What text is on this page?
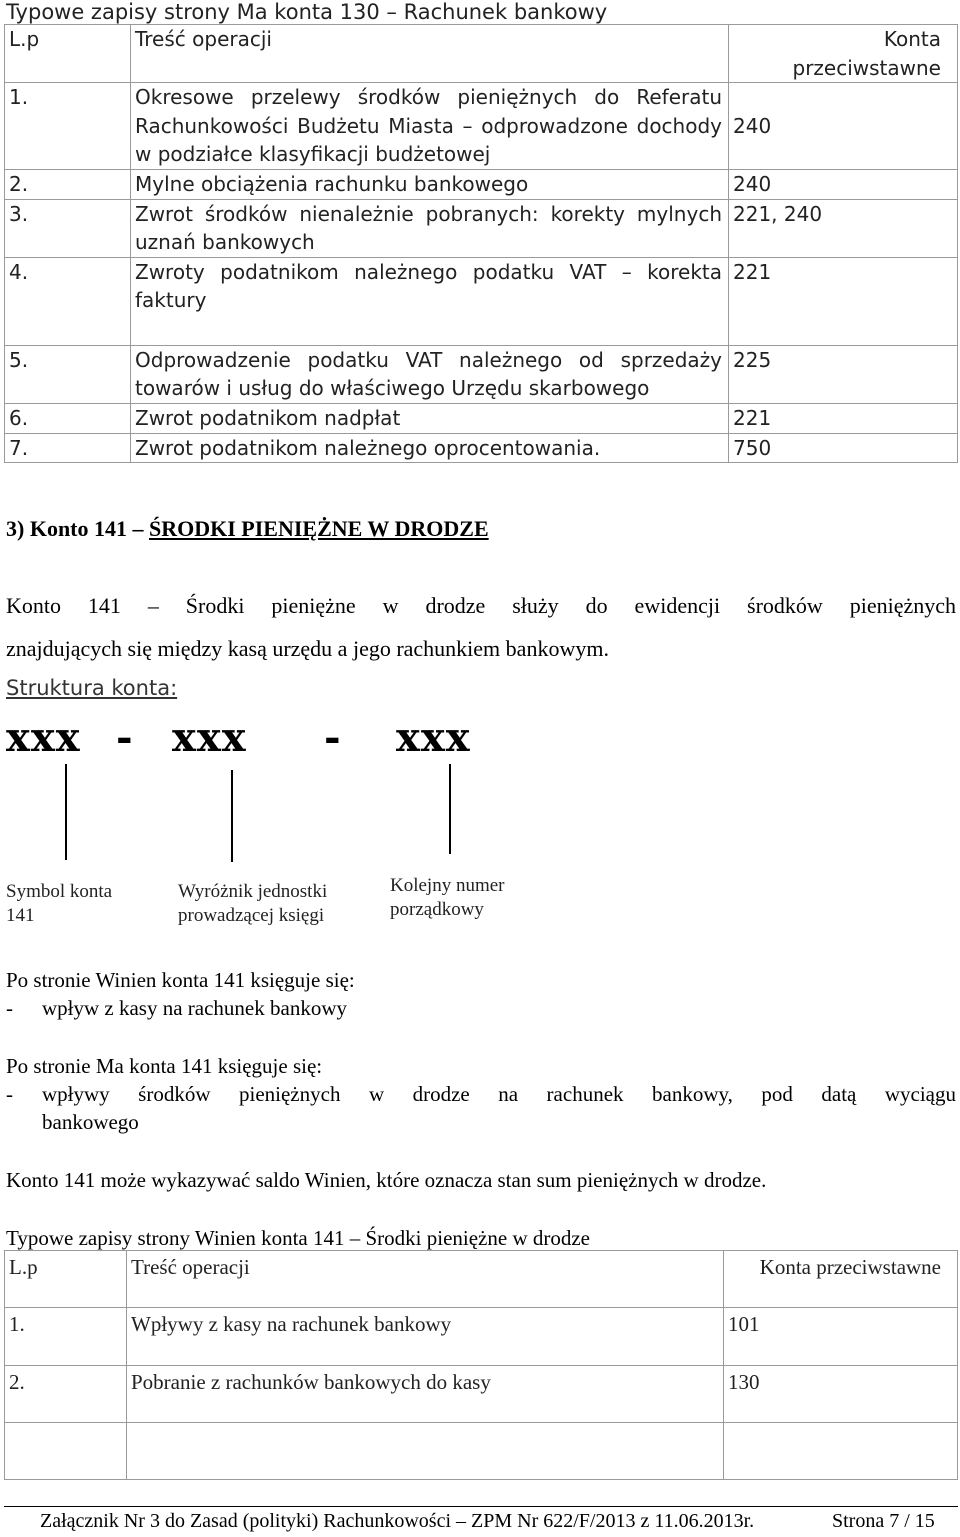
Typowe zapisy strony Ma konta 130 – Rachunek bankowy
L.p	Treść operacji	Konta przeciwstawne
1.	Okresowe przelewy środków pieniężnych do Referatu Rachunkowości Budżetu Miasta – odprowadzone dochody w podziałce klasyfikacji budżetowej	240
2.	Mylne obciążenia rachunku bankowego	240
3.	Zwrot środków nienależnie pobranych: korekty mylnych uznań bankowych	221, 240
4.	Zwroty podatnikom należnego podatku VAT – korekta faktury	221
5.	Odprowadzenie podatku VAT należnego od sprzedaży towarów i usług do właściwego Urzędu skarbowego	225
6.	Zwrot podatnikom nadpłat	221
7.	Zwrot podatnikom należnego oprocentowania.	750
3) Konto 141 – ŚRODKI PIENIĘŻNE W DRODZE
Konto 141 – Środki pieniężne w drodze służy do ewidencji środków pieniężnych
znajdujących się między kasą urzędu a jego rachunkiem bankowym.
Struktura konta:
xxx - xxx - xxx
Symbol konta
141
Wyróżnik jednostki
prowadzącej księgi
Kolejny numer
porządkowy
Po stronie Winien konta 141 księguje się:
- wpływ z kasy na rachunek bankowy
Po stronie Ma konta 141 księguje się:
- wpływy środków pieniężnych w drodze na rachunek bankowy, pod datą wyciągu
bankowego
Konto 141 może wykazywać saldo Winien, które oznacza stan sum pieniężnych w drodze.
Typowe zapisy strony Winien konta 141 – Środki pieniężne w drodze
L.p	Treść operacji	Konta przeciwstawne
1.	Wpływy z kasy na rachunek bankowy	101
2.	Pobranie z rachunków bankowych do kasy	130

Załącznik Nr 3 do Zasad (polityki) Rachunkowości – ZPM Nr 622/F/2013 z 11.06.2013r.	Strona 7 / 15
